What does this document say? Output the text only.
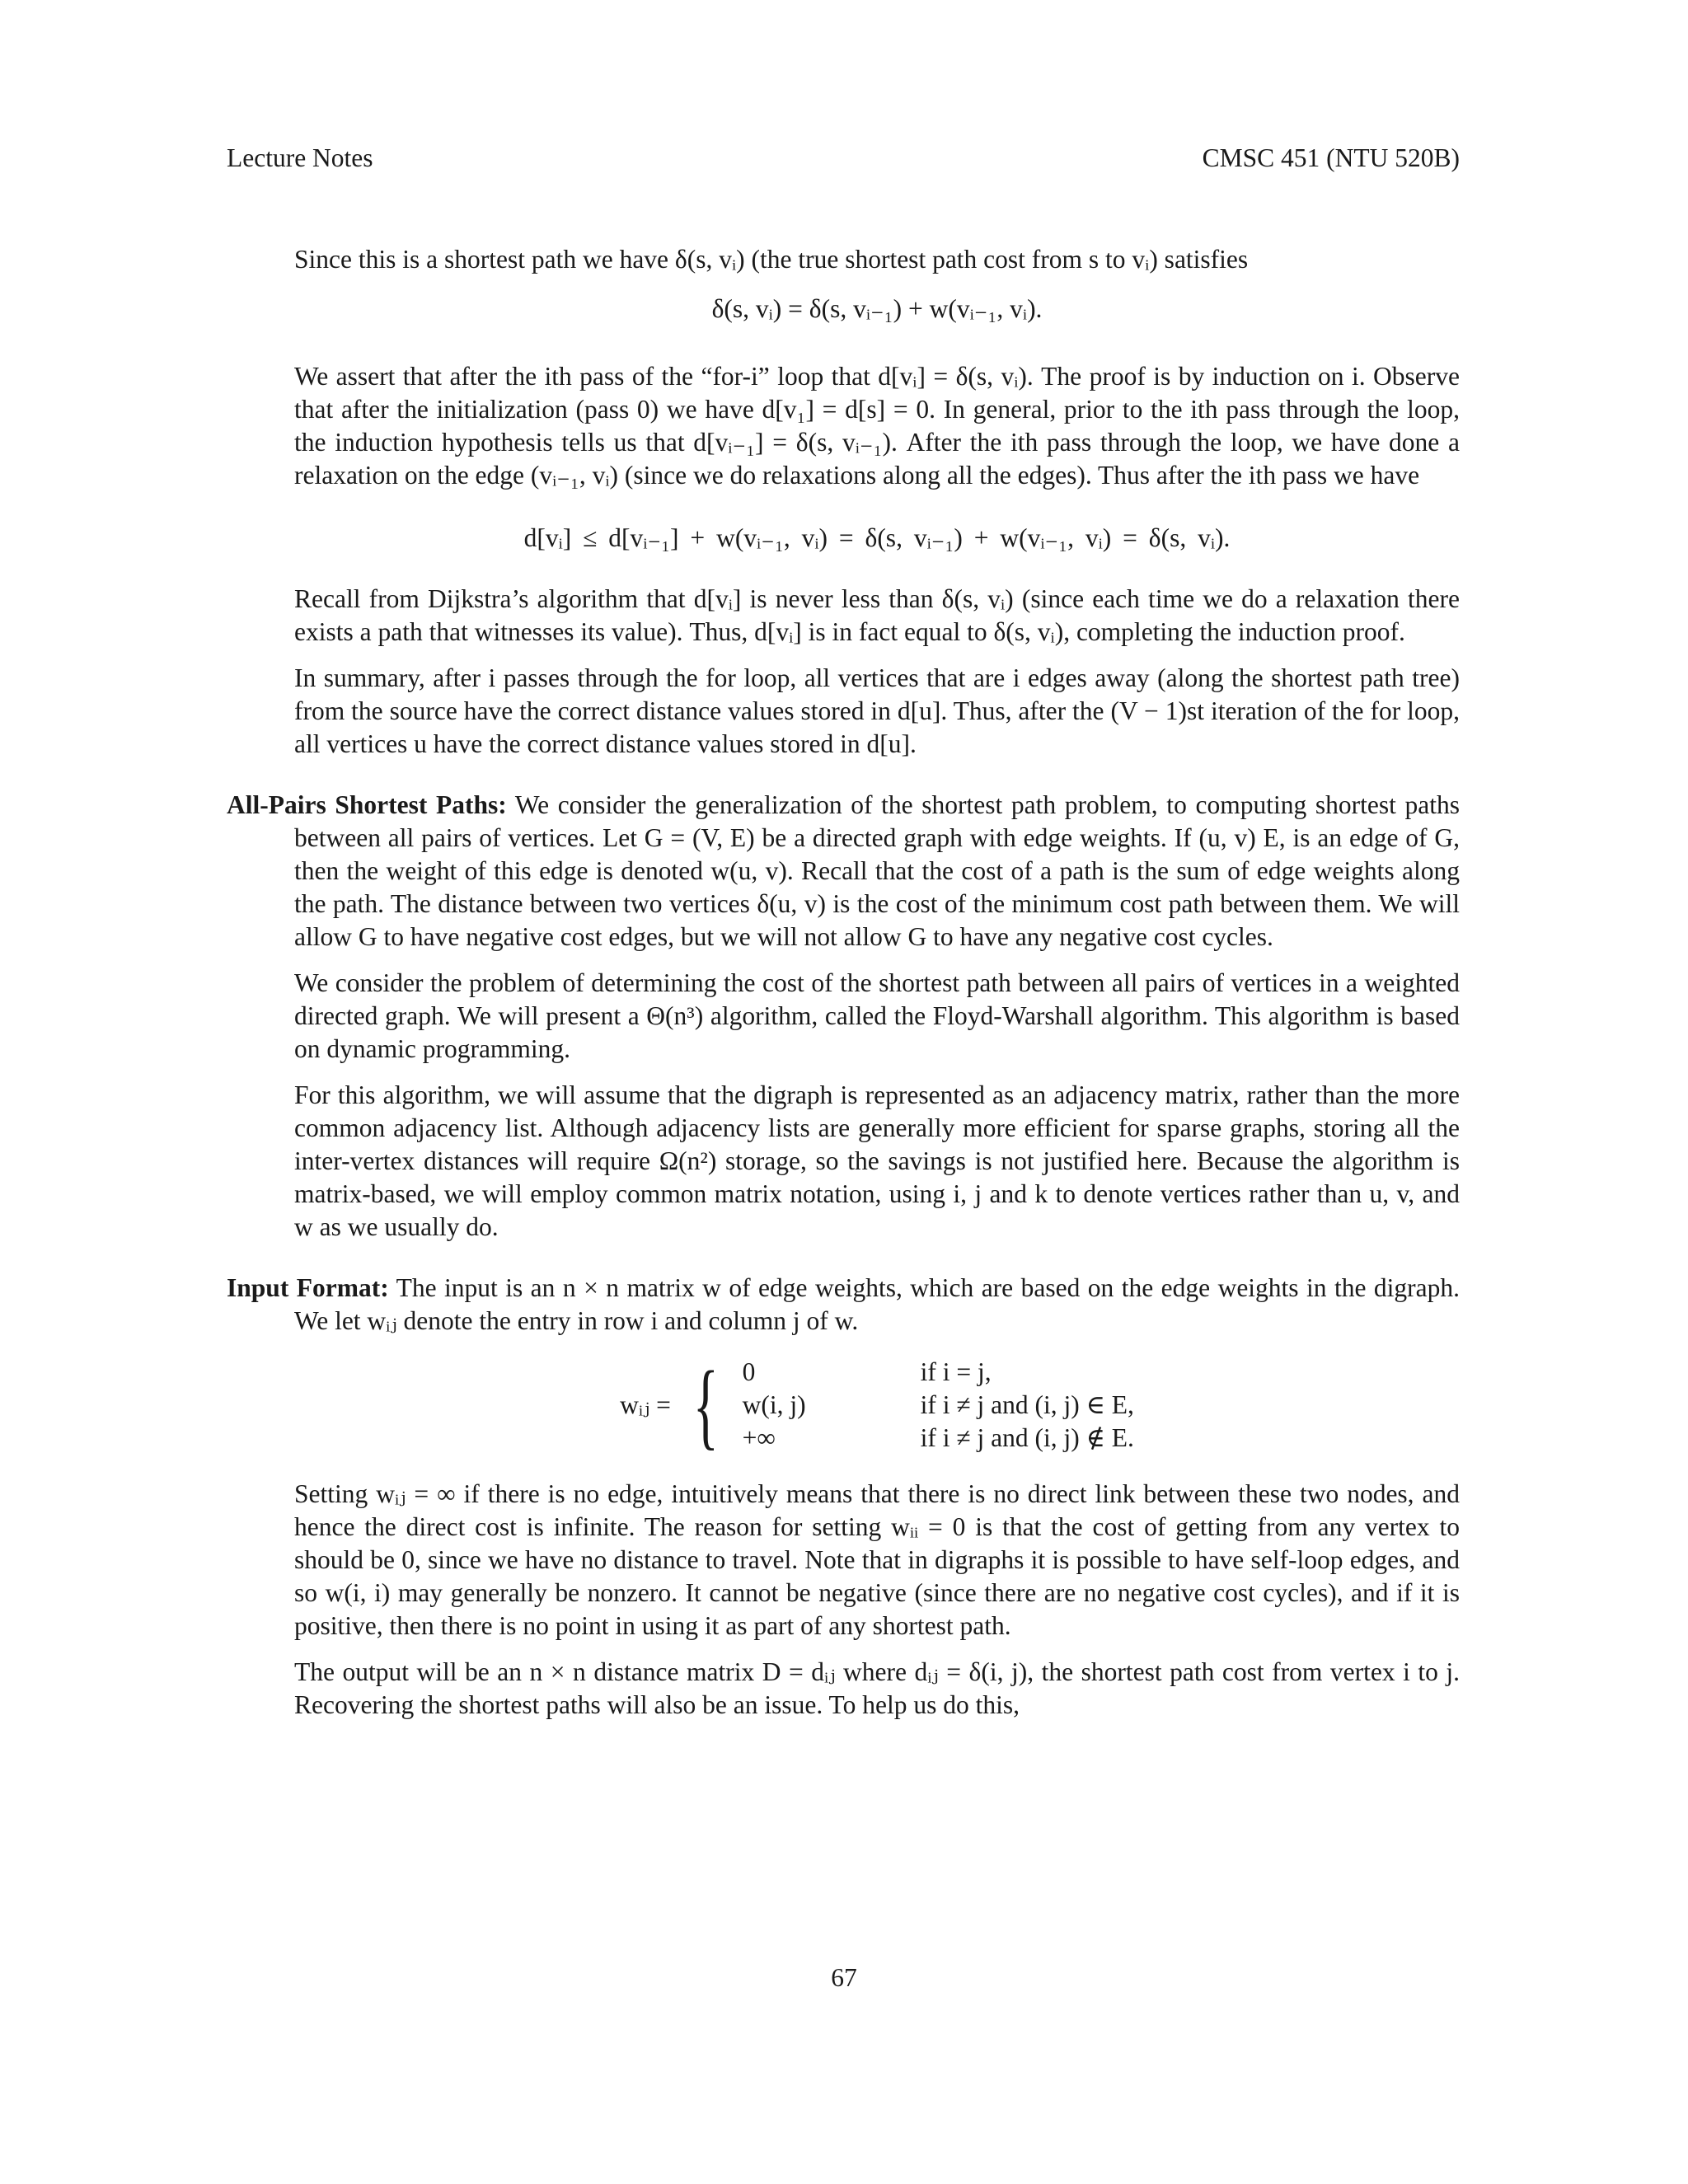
Lecture Notes	CMSC 451 (NTU 520B)

Since this is a shortest path we have δ(s, vᵢ) (the true shortest path cost from s to vᵢ) satisfies

δ(s, vᵢ) = δ(s, vᵢ₋₁) + w(vᵢ₋₁, vᵢ).

We assert that after the ith pass of the “for-i” loop that d[vᵢ] = δ(s, vᵢ). The proof is by induction on i. Observe that after the initialization (pass 0) we have d[v₁] = d[s] = 0. In general, prior to the ith pass through the loop, the induction hypothesis tells us that d[vᵢ₋₁] = δ(s, vᵢ₋₁). After the ith pass through the loop, we have done a relaxation on the edge (vᵢ₋₁, vᵢ) (since we do relaxations along all the edges). Thus after the ith pass we have

d[vᵢ] ≤ d[vᵢ₋₁] + w(vᵢ₋₁, vᵢ) = δ(s, vᵢ₋₁) + w(vᵢ₋₁, vᵢ) = δ(s, vᵢ).

Recall from Dijkstra’s algorithm that d[vᵢ] is never less than δ(s, vᵢ) (since each time we do a relaxation there exists a path that witnesses its value). Thus, d[vᵢ] is in fact equal to δ(s, vᵢ), completing the induction proof.

In summary, after i passes through the for loop, all vertices that are i edges away (along the shortest path tree) from the source have the correct distance values stored in d[u]. Thus, after the (V − 1)st iteration of the for loop, all vertices u have the correct distance values stored in d[u].

All-Pairs Shortest Paths: We consider the generalization of the shortest path problem, to computing shortest paths between all pairs of vertices. Let G = (V, E) be a directed graph with edge weights. If (u, v) E, is an edge of G, then the weight of this edge is denoted w(u, v). Recall that the cost of a path is the sum of edge weights along the path. The distance between two vertices δ(u, v) is the cost of the minimum cost path between them. We will allow G to have negative cost edges, but we will not allow G to have any negative cost cycles.

We consider the problem of determining the cost of the shortest path between all pairs of vertices in a weighted directed graph. We will present a Θ(n³) algorithm, called the Floyd-Warshall algorithm. This algorithm is based on dynamic programming.

For this algorithm, we will assume that the digraph is represented as an adjacency matrix, rather than the more common adjacency list. Although adjacency lists are generally more efficient for sparse graphs, storing all the inter-vertex distances will require Ω(n²) storage, so the savings is not justified here. Because the algorithm is matrix-based, we will employ common matrix notation, using i, j and k to denote vertices rather than u, v, and w as we usually do.

Input Format: The input is an n × n matrix w of edge weights, which are based on the edge weights in the digraph. We let wᵢⱼ denote the entry in row i and column j of w.

wᵢⱼ = { 0	if i = j,
w(i, j)	if i ≠ j and (i, j) ∈ E,
+∞	if i ≠ j and (i, j) ∉ E.

Setting wᵢⱼ = ∞ if there is no edge, intuitively means that there is no direct link between these two nodes, and hence the direct cost is infinite. The reason for setting wᵢᵢ = 0 is that the cost of getting from any vertex to should be 0, since we have no distance to travel. Note that in digraphs it is possible to have self-loop edges, and so w(i, i) may generally be nonzero. It cannot be negative (since there are no negative cost cycles), and if it is positive, then there is no point in using it as part of any shortest path.

The output will be an n × n distance matrix D = dᵢⱼ where dᵢⱼ = δ(i, j), the shortest path cost from vertex i to j. Recovering the shortest paths will also be an issue. To help us do this,

67
